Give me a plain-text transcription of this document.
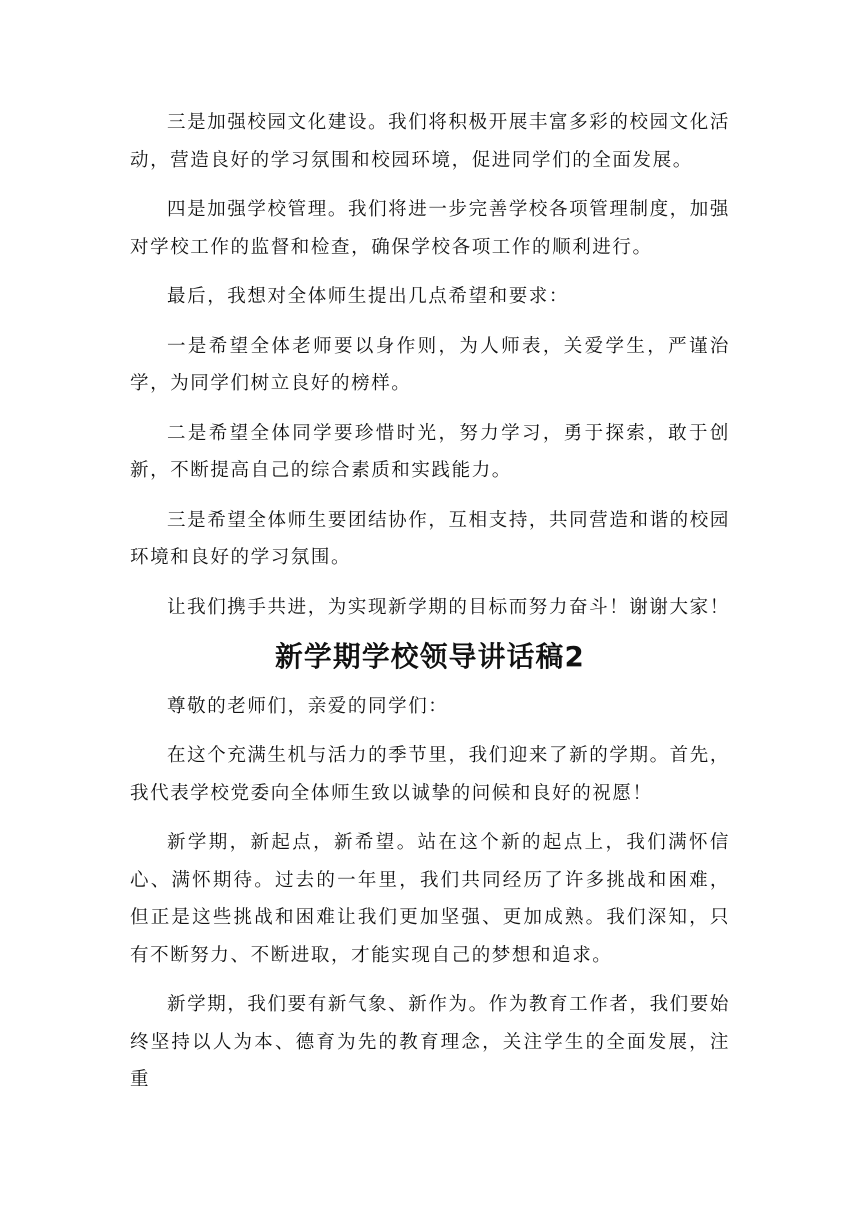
三是加强校园文化建设。我们将积极开展丰富多彩的校园文化活动，营造良好的学习氛围和校园环境，促进同学们的全面发展。

四是加强学校管理。我们将进一步完善学校各项管理制度，加强对学校工作的监督和检查，确保学校各项工作的顺利进行。

最后，我想对全体师生提出几点希望和要求：

一是希望全体老师要以身作则，为人师表，关爱学生，严谨治学，为同学们树立良好的榜样。

二是希望全体同学要珍惜时光，努力学习，勇于探索，敢于创新，不断提高自己的综合素质和实践能力。

三是希望全体师生要团结协作，互相支持，共同营造和谐的校园环境和良好的学习氛围。

让我们携手共进，为实现新学期的目标而努力奋斗！谢谢大家！

新学期学校领导讲话稿2

尊敬的老师们，亲爱的同学们：

在这个充满生机与活力的季节里，我们迎来了新的学期。首先，我代表学校党委向全体师生致以诚挚的问候和良好的祝愿！

新学期，新起点，新希望。站在这个新的起点上，我们满怀信心、满怀期待。过去的一年里，我们共同经历了许多挑战和困难，但正是这些挑战和困难让我们更加坚强、更加成熟。我们深知，只有不断努力、不断进取，才能实现自己的梦想和追求。

新学期，我们要有新气象、新作为。作为教育工作者，我们要始终坚持以人为本、德育为先的教育理念，关注学生的全面发展，注重
